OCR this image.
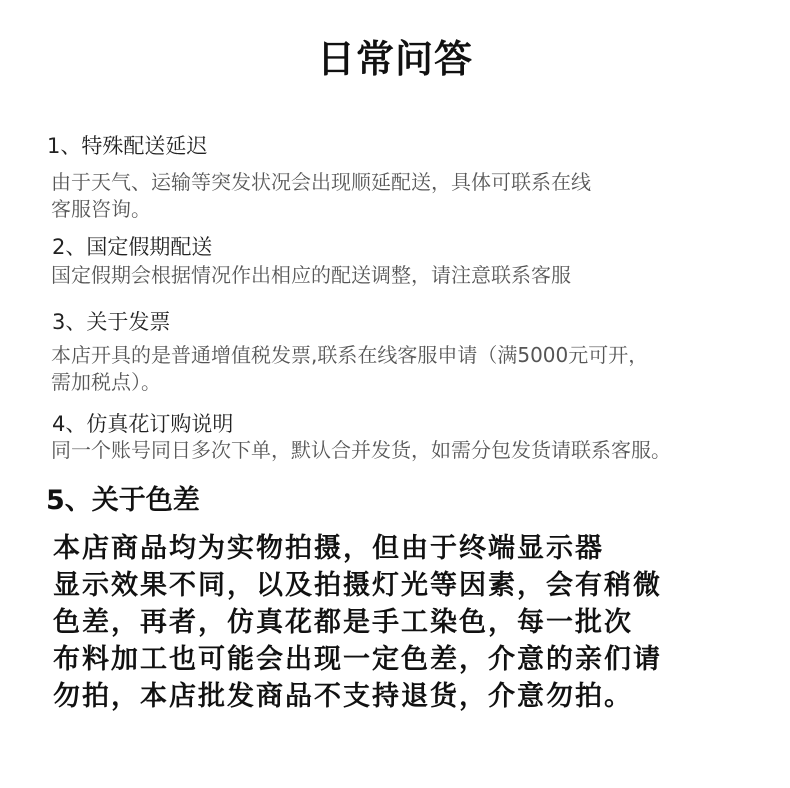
日常问答
1、特殊配送延迟
由于天气、运输等突发状况会出现顺延配送，具体可联系在线
客服咨询。
2、国定假期配送
国定假期会根据情况作出相应的配送调整，请注意联系客服
3、关于发票
本店开具的是普通增值税发票,联系在线客服申请（满5000元可开，
需加税点）。
4、仿真花订购说明
同一个账号同日多次下单，默认合并发货，如需分包发货请联系客服。
5、关于色差
本店商品均为实物拍摄，但由于终端显示器
显示效果不同，以及拍摄灯光等因素，会有稍微
色差，再者，仿真花都是手工染色，每一批次
布料加工也可能会出现一定色差，介意的亲们请
勿拍，本店批发商品不支持退货，介意勿拍。
